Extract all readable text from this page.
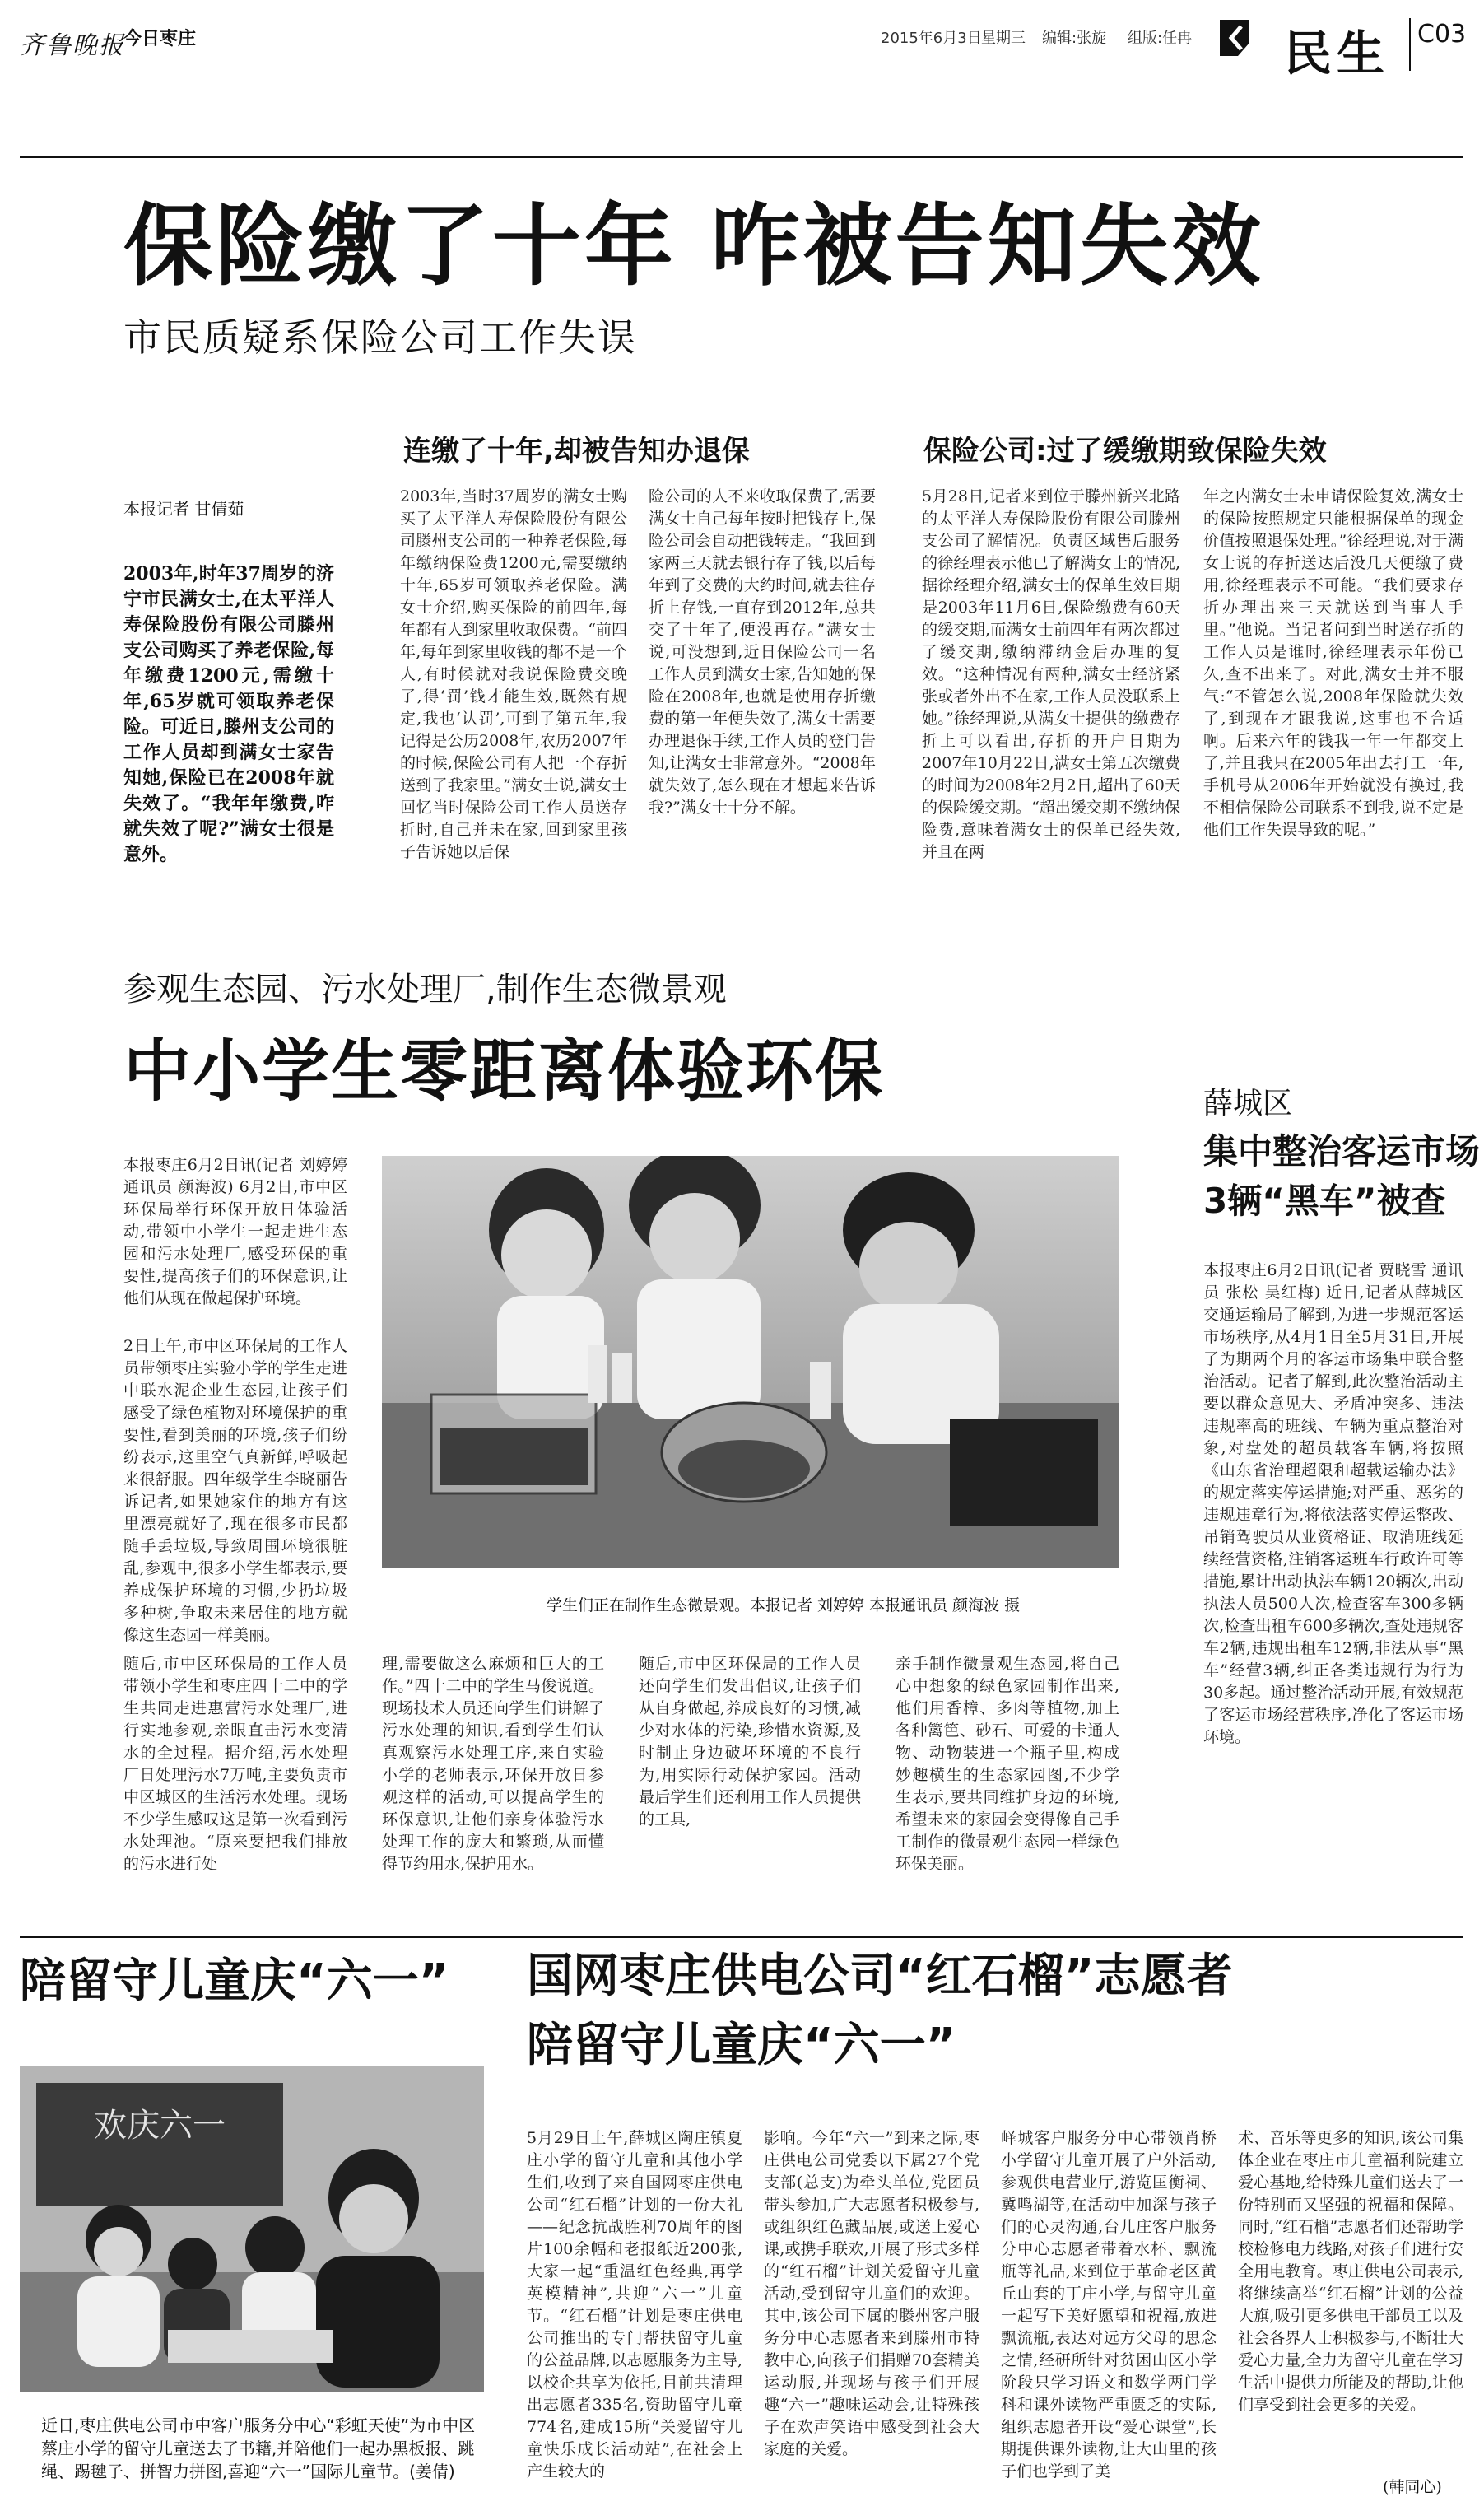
齐鲁晚报
今日枣庄	2015年6月3日 星期三 编辑:张旋 组版:任冉 民生 C03
保险缴了十年 咋被告知失效
市民质疑系保险公司工作失误
连缴了十年,却被告知办退保	保险公司:过了缓缴期致保险失效
本报记者 甘倩茹
2003年,时年37周岁的济宁市民满女士,在太平洋人寿保险股份有限公司滕州支公司购买了养老保险,每年缴费1200元,需缴十年,65岁就可领取养老保险。可近日,滕州支公司的工作人员却到满女士家告知她,保险已在2008年就失效了。“我年年缴费,咋就失效了呢?”满女士很是意外。
2003年,当时37周岁的满女士购买了太平洋人寿保险股份有限公司滕州支公司的一种养老保险,每年缴纳保险费1200元,需要缴纳十年,65岁可领取养老保险。满女士介绍,购买保险的前四年,每年都有人到家里收取保费。“前四年,每年到家里收钱的都不是一个人,有时候就对我说保险费交晚了,得‘罚’钱才能生效,既然有规定,我也‘认罚’,可到了第五年,我记得是公历2008年,农历2007年的时候,保险公司有人把一个存折送到了我家里。”满女士说,满女士回忆当时保险公司工作人员送存折时,自己并未在家,回到家里孩子告诉她以后保
险公司的人不来收取保费了,需要满女士自己每年按时把钱存上,保险公司会自动把钱转走。“我回到家两三天就去银行存了钱,以后每年到了交费的大约时间,就去往存折上存钱,一直存到2012年,总共交了十年了,便没再存。”满女士说,可没想到,近日保险公司一名工作人员到满女士家,告知她的保险在2008年,也就是使用存折缴费的第一年便失效了,满女士需要办理退保手续,工作人员的登门告知,让满女士非常意外。“2008年就失效了,怎么现在才想起来告诉我?”满女士十分不解。
5月28日,记者来到位于滕州新兴北路的太平洋人寿保险股份有限公司滕州支公司了解情况。负责区域售后服务的徐经理表示他已了解满女士的情况,据徐经理介绍,满女士的保单生效日期是2003年11月6日,保险缴费有60天的缓交期,而满女士前四年有两次都过了缓交期,缴纳滞纳金后办理的复效。“这种情况有两种,满女士经济紧张或者外出不在家,工作人员没联系上她。”徐经理说,从满女士提供的缴费存折上可以看出,存折的开户日期为2007年10月22日,满女士第五次缴费的时间为2008年2月2日,超出了60天的保险缓交期。“超出缓交期不缴纳保险费,意味着满女士的保单已经失效,并且在两
年之内满女士未申请保险复效,满女士的保险按照规定只能根据保单的现金价值按照退保处理。”徐经理说,对于满女士说的存折送达后没几天便缴了费用,徐经理表示不可能。“我们要求存折办理出来三天就送到当事人手里。”他说。当记者问到当时送存折的工作人员是谁时,徐经理表示年份已久,查不出来了。对此,满女士并不服气:“不管怎么说,2008年保险就失效了,到现在才跟我说,这事也不合适啊。后来六年的钱我一年一年都交上了,并且我只在2005年出去打工一年,手机号从2006年开始就没有换过,我不相信保险公司联系不到我,说不定是他们工作失误导致的呢。”
参观生态园、污水处理厂,制作生态微景观
中小学生零距离体验环保
本报枣庄6月2日讯(记者 刘婷婷 通讯员 颜海波) 6月2日,市中区环保局举行环保开放日体验活动,带领中小学生一起走进生态园和污水处理厂,感受环保的重要性,提高孩子们的环保意识,让他们从现在做起保护环境。
2日上午,市中区环保局的工作人员带领枣庄实验小学的学生走进中联水泥企业生态园,让孩子们感受了绿色植物对环境保护的重要性,看到美丽的环境,孩子们纷纷表示,这里空气真新鲜,呼吸起来很舒服。四年级学生李晓丽告诉记者,如果她家住的地方有这里漂亮就好了,现在很多市民都随手丢垃圾,导致周围环境很脏乱,参观中,很多小学生都表示,要养成保护环境的习惯,少扔垃圾多种树,争取未来居住的地方就像这生态园一样美丽。
随后,市中区环保局的工作人员带领小学生和枣庄四十二中的学生共同走进惠营污水处理厂,进行实地参观,亲眼直击污水变清水的全过程。据介绍,污水处理厂日处理污水7万吨,主要负责市中区城区的生活污水处理。现场不少学生感叹这是第一次看到污水处理池。“原来要把我们排放的污水进行处
学生们正在制作生态微景观。本报记者 刘婷婷 本报通讯员 颜海波 摄
理,需要做这么麻烦和巨大的工作。”四十二中的学生马俊说道。现场技术人员还向学生们讲解了污水处理的知识,看到学生们认真观察污水处理工序,来自实验小学的老师表示,环保开放日参观这样的活动,可以提高学生的环保意识,让他们亲身体验污水处理工作的庞大和繁琐,从而懂得节约用水,保护用水。
随后,市中区环保局的工作人员还向学生们发出倡议,让孩子们从自身做起,养成良好的习惯,减少对水体的污染,珍惜水资源,及时制止身边破坏环境的不良行为,用实际行动保护家园。活动最后学生们还利用工作人员提供的工具,
亲手制作微景观生态园,将自己心中想象的绿色家园制作出来,他们用香樟、多肉等植物,加上各种篱笆、砂石、可爱的卡通人物、动物装进一个瓶子里,构成妙趣横生的生态家园图,不少学生表示,要共同维护身边的环境,希望未来的家园会变得像自己手工制作的微景观生态园一样绿色环保美丽。
薛城区
集中整治客运市场
3辆“黑车”被查
本报枣庄6月2日讯(记者 贾晓雪 通讯员 张松 吴红梅) 近日,记者从薛城区交通运输局了解到,为进一步规范客运市场秩序,从4月1日至5月31日,开展了为期两个月的客运市场集中联合整治活动。记者了解到,此次整治活动主要以群众意见大、矛盾冲突多、违法违规率高的班线、车辆为重点整治对象,对盘处的超员载客车辆,将按照《山东省治理超限和超载运输办法》的规定落实停运措施;对严重、恶劣的违规违章行为,将依法落实停运整改、吊销驾驶员从业资格证、取消班线延续经营资格,注销客运班车行政许可等措施,累计出动执法车辆120辆次,出动执法人员500人次,检查客车300多辆次,检查出租车600多辆次,查处违规客车2辆,违规出租车12辆,非法从事“黑车”经营3辆,纠正各类违规行为行为30多起。通过整治活动开展,有效规范了客运市场经营秩序,净化了客运市场环境。
陪留守儿童庆“六一” 国网枣庄供电公司“红石榴”志愿者
陪留守儿童庆“六一”
欢庆六一
近日,枣庄供电公司市中客户服务分中心“彩虹天使”为市中区蔡庄小学的留守儿童送去了书籍,并陪他们一起办黑板报、跳绳、踢毽子、拼智力拼图,喜迎“六一”国际儿童节。(姜倩)
5月29日上午,薛城区陶庄镇夏庄小学的留守儿童和其他小学生们,收到了来自国网枣庄供电公司“红石榴”计划的一份大礼——纪念抗战胜利70周年的图片100余幅和老报纸近200张,大家一起“重温红色经典,再学英模精神”,共迎“六一”儿童节。“红石榴”计划是枣庄供电公司推出的专门帮扶留守儿童的公益品牌,以志愿服务为主导,以校企共享为依托,目前共清理出志愿者335名,资助留守儿童774名,建成15所“关爱留守儿童快乐成长活动站”,在社会上产生较大的
影响。今年“六一”到来之际,枣庄供电公司党委以下属27个党支部(总支)为牵头单位,党团员带头参加,广大志愿者积极参与,或组织红色藏品展,或送上爱心课,或携手联欢,开展了形式多样的“红石榴”计划关爱留守儿童活动,受到留守儿童们的欢迎。其中,该公司下属的滕州客户服务分中心志愿者来到滕州市特教中心,向孩子们捐赠70套精美运动服,并现场与孩子们开展趣“六一”趣味运动会,让特殊孩子在欢声笑语中感受到社会大家庭的关爱。
峄城客户服务分中心带领肖桥小学留守儿童开展了户外活动,参观供电营业厅,游览匡衡祠、冀鸣湖等,在活动中加深与孩子们的心灵沟通,台儿庄客户服务分中心志愿者带着水杯、飘流瓶等礼品,来到位于革命老区黄丘山套的丁庄小学,与留守儿童一起写下美好愿望和祝福,放进飘流瓶,表达对远方父母的思念之情,经研所针对贫困山区小学阶段只学习语文和数学两门学科和课外读物严重匮乏的实际,组织志愿者开设“爱心课堂”,长期提供课外读物,让大山里的孩子们也学到了美
术、音乐等更多的知识,该公司集体企业在枣庄市儿童福利院建立爱心基地,给特殊儿童们送去了一份特别而又坚强的祝福和保障。同时,“红石榴”志愿者们还帮助学校检修电力线路,对孩子们进行安全用电教育。枣庄供电公司表示,将继续高举“红石榴”计划的公益大旗,吸引更多供电干部员工以及社会各界人士积极参与,不断壮大爱心力量,全力为留守儿童在学习生活中提供力所能及的帮助,让他们享受到社会更多的关爱。
(韩同心)
